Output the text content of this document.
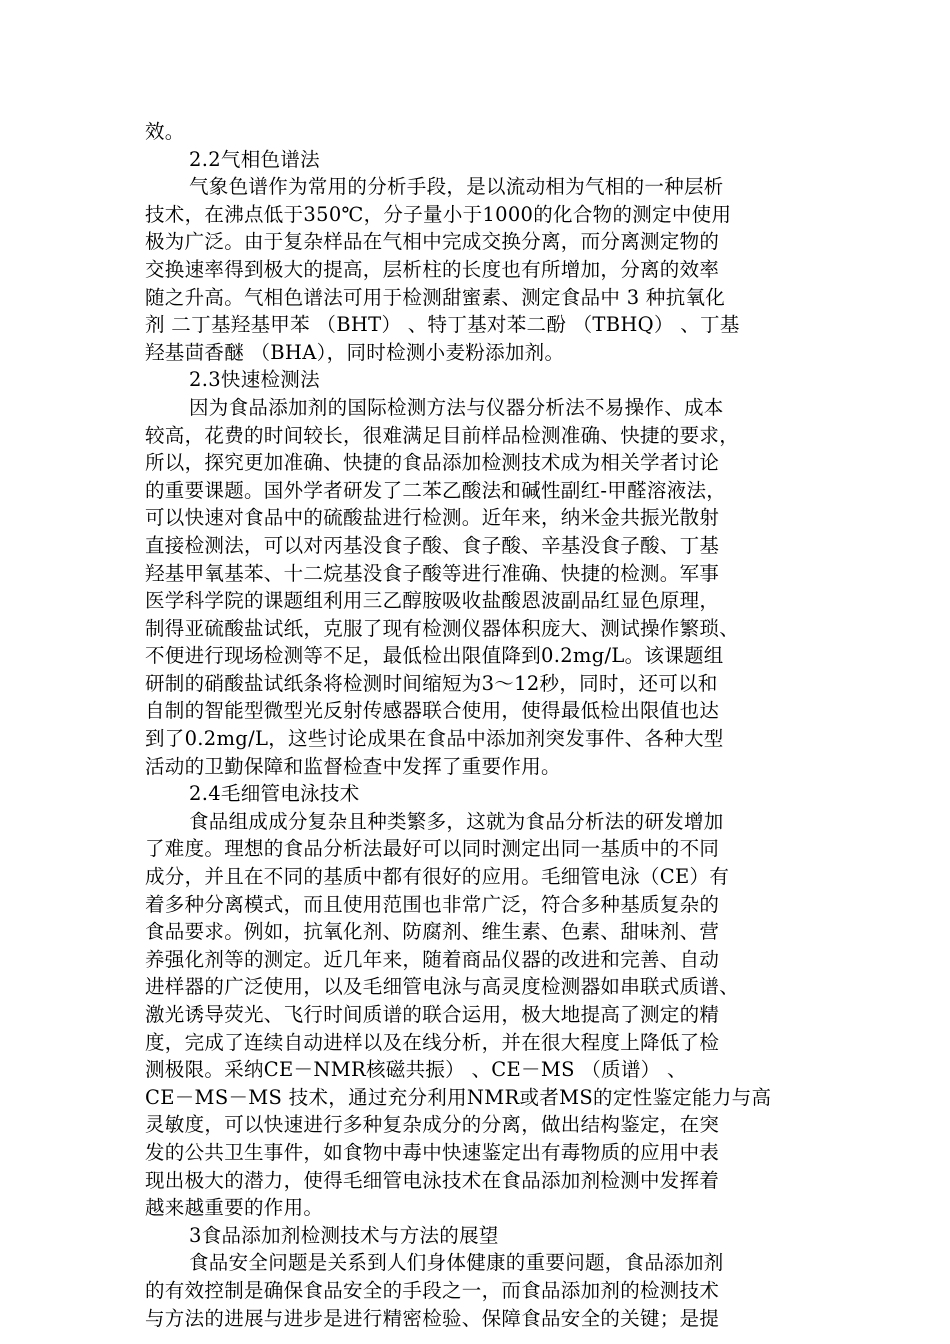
效。
2.2气相色谱法
气象色谱作为常用的分析手段，是以流动相为气相的一种层析
技术，在沸点低于350℃，分子量小于1000的化合物的测定中使用
极为广泛。由于复杂样品在气相中完成交换分离，而分离测定物的
交换速率得到极大的提高，层析柱的长度也有所增加，分离的效率
随之升高。气相色谱法可用于检测甜蜜素、测定食品中 3 种抗氧化
剂 二丁基羟基甲苯 （BHT） 、特丁基对苯二酚 （TBHQ） 、丁基
羟基茴香醚 （BHA），同时检测小麦粉添加剂。
2.3快速检测法
因为食品添加剂的国际检测方法与仪器分析法不易操作、成本
较高，花费的时间较长，很难满足目前样品检测准确、快捷的要求，
所以，探究更加准确、快捷的食品添加检测技术成为相关学者讨论
的重要课题。国外学者研发了二苯乙酸法和碱性副红-甲醛溶液法，
可以快速对食品中的硫酸盐进行检测。近年来，纳米金共振光散射
直接检测法，可以对丙基没食子酸、食子酸、辛基没食子酸、丁基
羟基甲氧基苯、十二烷基没食子酸等进行准确、快捷的检测。军事
医学科学院的课题组利用三乙醇胺吸收盐酸恩波副品红显色原理，
制得亚硫酸盐试纸，克服了现有检测仪器体积庞大、测试操作繁琐、
不便进行现场检测等不足，最低检出限值降到0.2mg/L。该课题组
研制的硝酸盐试纸条将检测时间缩短为3～12秒，同时，还可以和
自制的智能型微型光反射传感器联合使用，使得最低检出限值也达
到了0.2mg/L，这些讨论成果在食品中添加剂突发事件、各种大型
活动的卫勤保障和监督检查中发挥了重要作用。
2.4毛细管电泳技术
食品组成成分复杂且种类繁多，这就为食品分析法的研发增加
了难度。理想的食品分析法最好可以同时测定出同一基质中的不同
成分，并且在不同的基质中都有很好的应用。毛细管电泳（CE）有
着多种分离模式，而且使用范围也非常广泛，符合多种基质复杂的
食品要求。例如，抗氧化剂、防腐剂、维生素、色素、甜味剂、营
养强化剂等的测定。近几年来，随着商品仪器的改进和完善、自动
进样器的广泛使用，以及毛细管电泳与高灵度检测器如串联式质谱、
激光诱导荧光、飞行时间质谱的联合运用，极大地提高了测定的精
度，完成了连续自动进样以及在线分析，并在很大程度上降低了检
测极限。采纳CE－NMR核磁共振） 、CE－MS （质谱） 、
CE－MS－MS 技术，通过充分利用NMR或者MS的定性鉴定能力与高
灵敏度，可以快速进行多种复杂成分的分离，做出结构鉴定，在突
发的公共卫生事件，如食物中毒中快速鉴定出有毒物质的应用中表
现出极大的潜力，使得毛细管电泳技术在食品添加剂检测中发挥着
越来越重要的作用。
3食品添加剂检测技术与方法的展望
食品安全问题是关系到人们身体健康的重要问题，食品添加剂
的有效控制是确保食品安全的手段之一，而食品添加剂的检测技术
与方法的进展与进步是进行精密检验、保障食品安全的关键；是提
